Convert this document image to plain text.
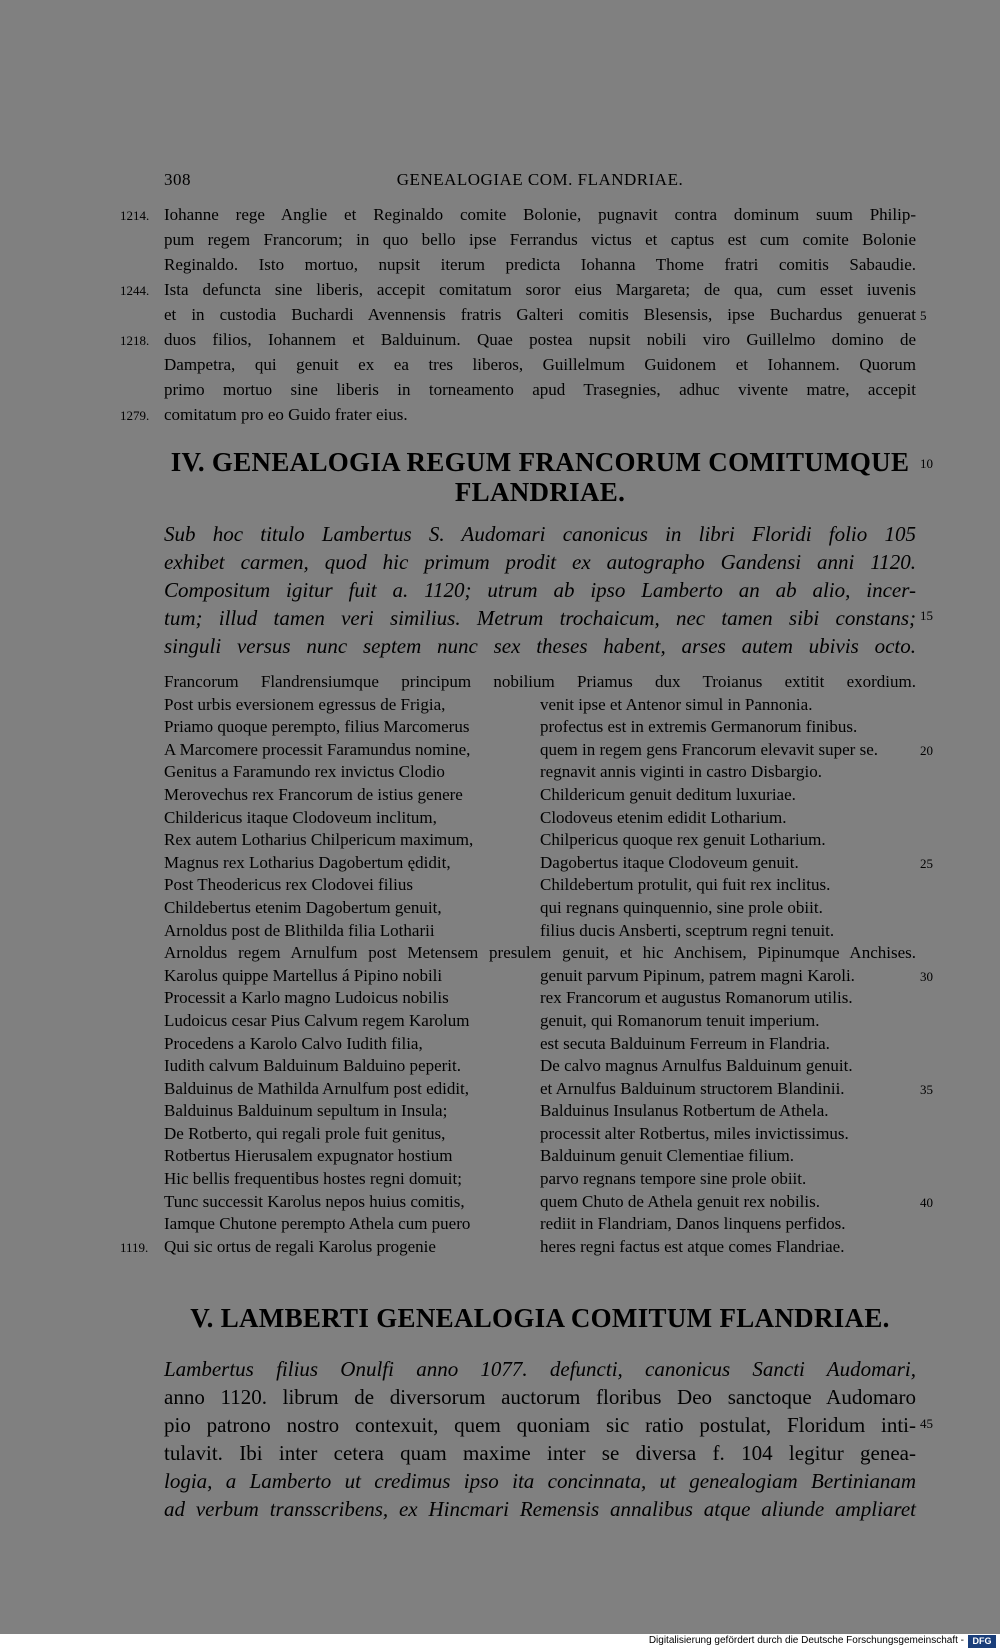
308	GENEALOGIAE COM. FLANDRIAE.
Iohanne rege Anglie et Reginaldo comite Bolonie, pugnavit contra dominum suum Philip-
pum regem Francorum; in quo bello ipse Ferrandus victus et captus est cum comite Bolonie
Reginaldo. Isto mortuo, nupsit iterum predicta Iohanna Thome fratri comitis Sabaudie.
Ista defuncta sine liberis, accepit comitatum soror eius Margareta; de qua, cum esset iuvenis
et in custodia Buchardi Avennensis fratris Galteri comitis Blesensis, ipse Buchardus genuerat
duos filios, Iohannem et Balduinum. Quae postea nupsit nobili viro Guillelmo domino de
Dampetra, qui genuit ex ea tres liberos, Guillelmum Guidonem et Iohannem. Quorum
primo mortuo sine liberis in torneamento apud Trasegnies, adhuc vivente matre, accepit
comitatum pro eo Guido frater eius.
1214.
1244.
1218.
1279.
5
IV. GENEALOGIA REGUM FRANCORUM COMITUMQUE
FLANDRIAE.
10
Sub hoc titulo Lambertus S. Audomari canonicus in libri Floridi folio 105
exhibet carmen, quod hic primum prodit ex autographo Gandensi anni 1120.
Compositum igitur fuit a. 1120; utrum ab ipso Lamberto an ab alio, incer-
tum; illud tamen veri similius. Metrum trochaicum, nec tamen sibi constans;
singuli versus nunc septem nunc sex theses habent, arses autem ubivis octo.
15
Francorum Flandrensiumque principum nobilium Priamus dux Troianus extitit exordium.
Post urbis eversionem egressus de Frigia,	venit ipse et Antenor simul in Pannonia.
Priamo quoque perempto, filius Marcomerus	profectus est in extremis Germanorum finibus.
A Marcomere processit Faramundus nomine,	quem in regem gens Francorum elevavit super se.	20
Genitus a Faramundo rex invictus Clodio	regnavit annis viginti in castro Disbargio.
Merovechus rex Francorum de istius genere	Childericum genuit deditum luxuriae.
Childericus itaque Clodoveum inclitum,	Clodoveus etenim edidit Lotharium.
Rex autem Lotharius Chilpericum maximum,	Chilpericus quoque rex genuit Lotharium.
Magnus rex Lotharius Dagobertum ędidit,	Dagobertus itaque Clodoveum genuit.	25
Post Theodericus rex Clodovei filius	Childebertum protulit, qui fuit rex inclitus.
Childebertus etenim Dagobertum genuit,	qui regnans quinquennio, sine prole obiit.
Arnoldus post de Blithilda filia Lotharii	filius ducis Ansberti, sceptrum regni tenuit.
Arnoldus regem Arnulfum post Metensem presulem genuit, et hic Anchisem, Pipinumque Anchises.
Karolus quippe Martellus á Pipino nobili	genuit parvum Pipinum, patrem magni Karoli.	30
Processit a Karlo magno Ludoicus nobilis	rex Francorum et augustus Romanorum utilis.
Ludoicus cesar Pius Calvum regem Karolum	genuit, qui Romanorum tenuit imperium.
Procedens a Karolo Calvo Iudith filia,	est secuta Balduinum Ferreum in Flandria.
Iudith calvum Balduinum Balduino peperit.	De calvo magnus Arnulfus Balduinum genuit.
Balduinus de Mathilda Arnulfum post edidit,	et Arnulfus Balduinum structorem Blandinii.	35
Balduinus Balduinum sepultum in Insula;	Balduinus Insulanus Rotbertum de Athela.
De Rotberto, qui regali prole fuit genitus,	processit alter Rotbertus, miles invictissimus.
Rotbertus Hierusalem expugnator hostium	Balduinum genuit Clementiae filium.
Hic bellis frequentibus hostes regni domuit;	parvo regnans tempore sine prole obiit.
Tunc successit Karolus nepos huius comitis,	quem Chuto de Athela genuit rex nobilis.	40
Iamque Chutone perempto Athela cum puero	rediit in Flandriam, Danos linquens perfidos.
Qui sic ortus de regali Karolus progenie	heres regni factus est atque comes Flandriae.
1119.
V. LAMBERTI GENEALOGIA COMITUM FLANDRIAE.
Lambertus filius Onulfi anno 1077. defuncti, canonicus Sancti Audomari,
anno 1120. librum de diversorum auctorum floribus Deo sanctoque Audomaro
pio patrono nostro contexuit, quem quoniam sic ratio postulat, Floridum inti-
tulavit. Ibi inter cetera quam maxime inter se diversa f. 104 legitur genea-
logia, a Lamberto ut credimus ipso ita concinnata, ut genealogiam Bertinianam
ad verbum transscribens, ex Hincmari Remensis annalibus atque aliunde ampliaret
45
Digitalisierung gefördert durch die Deutsche Forschungsgemeinschaft - DFG
